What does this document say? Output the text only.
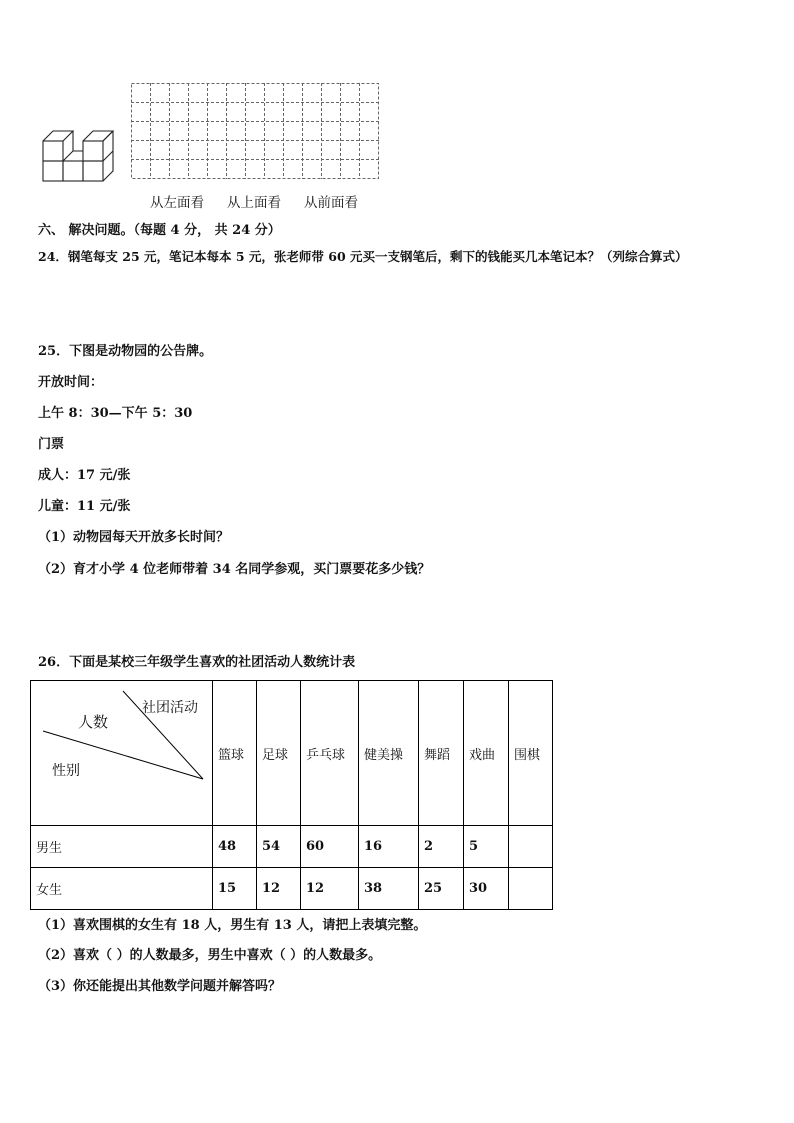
从左面看 从上面看 从前面看
六、 解决问题。（每题 4 分， 共 24 分）
24．钢笔每支 25 元，笔记本每本 5 元，张老师带 60 元买一支钢笔后，剩下的钱能买几本笔记本？（列综合算式）
25．下图是动物园的公告牌。
开放时间：
上午 8：30—下午 5：30
门票
成人：17 元/张
儿童：11 元/张
（1）动物园每天开放多长时间？
（2）育才小学 4 位老师带着 34 名同学参观，买门票要花多少钱？
26．下面是某校三年级学生喜欢的社团活动人数统计表
社团活动
人数
性别	篮球	足球	乒乓球	健美操	舞蹈	戏曲	围棋
男生	48	54	60	16	2	5	
女生	15	12	12	38	25	30	
（1）喜欢围棋的女生有 18 人，男生有 13 人，请把上表填完整。
（2）喜欢（ ）的人数最多，男生中喜欢（ ）的人数最多。
（3）你还能提出其他数学问题并解答吗？
